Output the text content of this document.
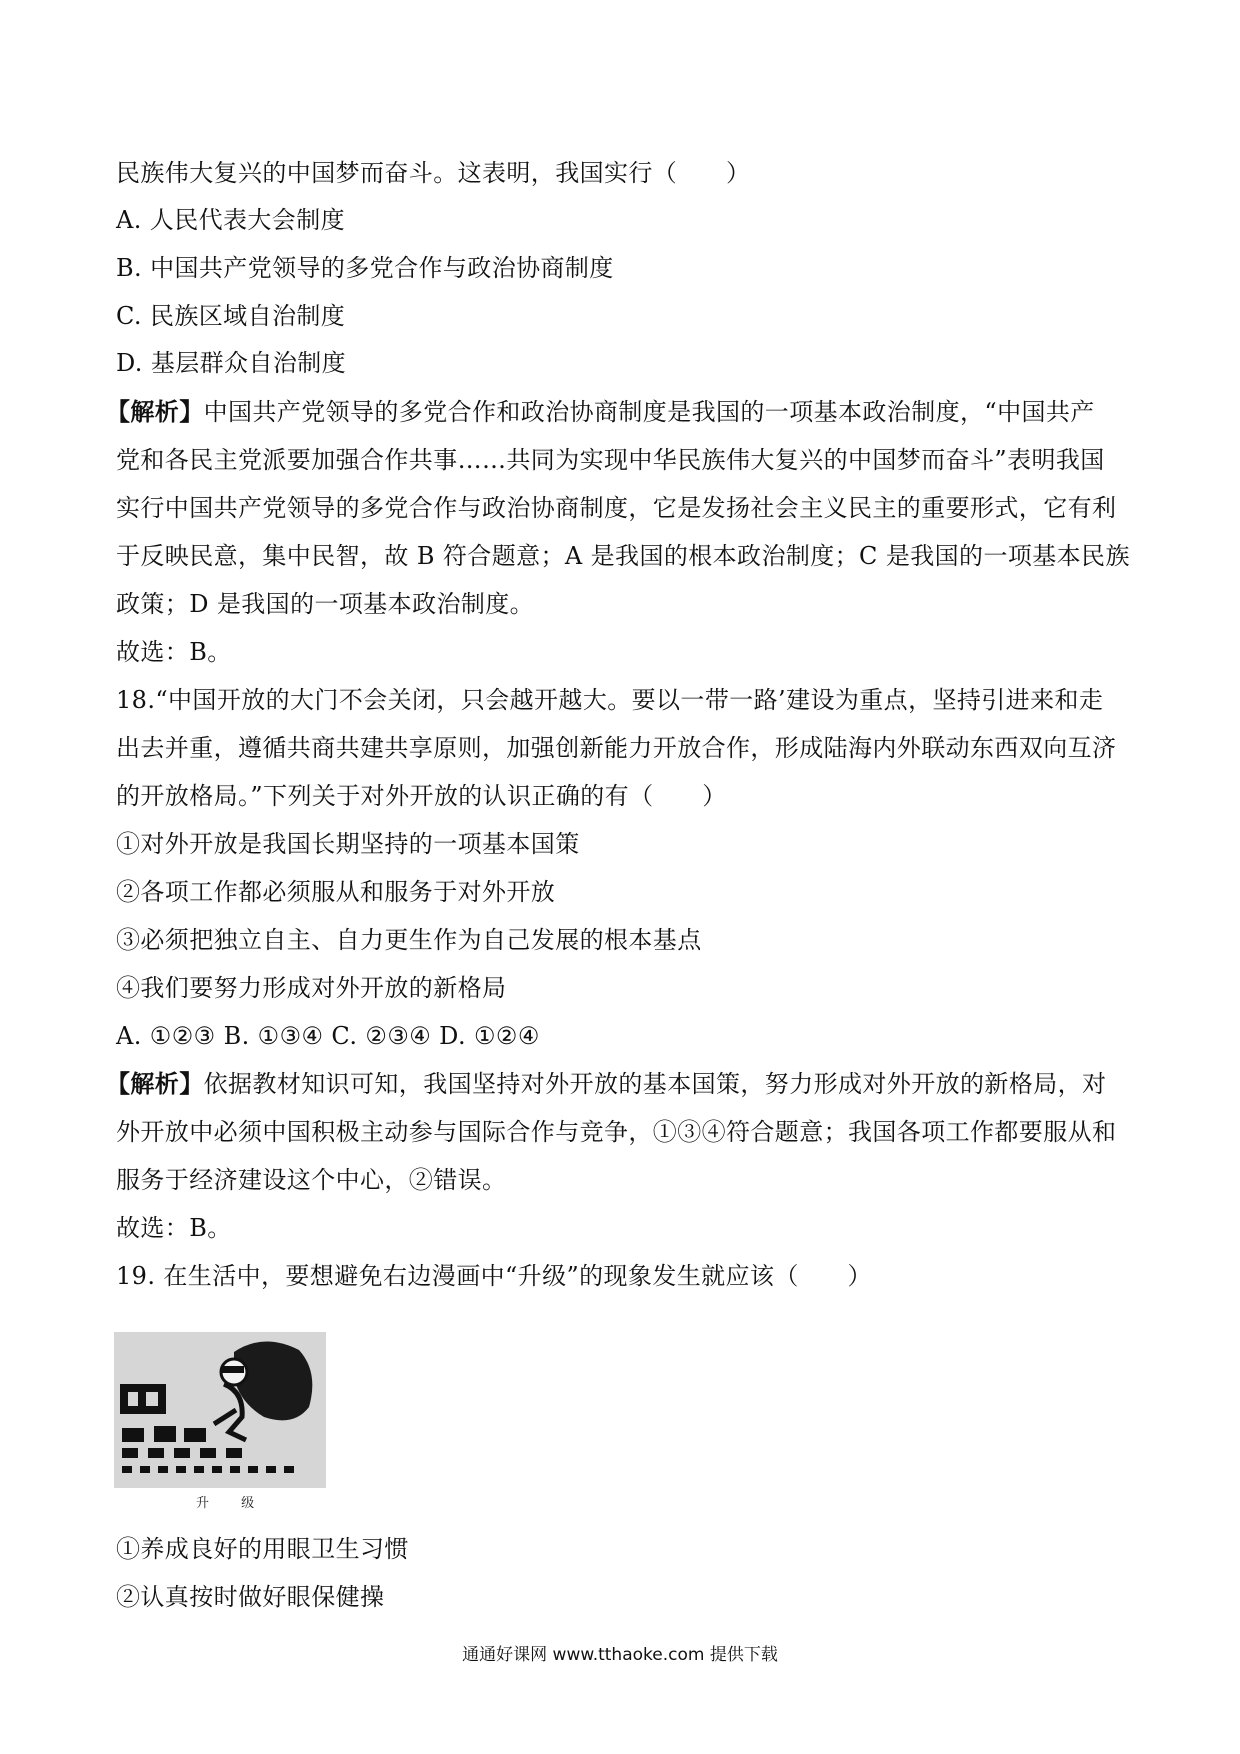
民族伟大复兴的中国梦而奋斗。这表明，我国实行（　　）
A. 人民代表大会制度
B. 中国共产党领导的多党合作与政治协商制度
C. 民族区域自治制度
D. 基层群众自治制度
【解析】中国共产党领导的多党合作和政治协商制度是我国的一项基本政治制度，“中国共产
党和各民主党派要加强合作共事……共同为实现中华民族伟大复兴的中国梦而奋斗”表明我国
实行中国共产党领导的多党合作与政治协商制度，它是发扬社会主义民主的重要形式，它有利
于反映民意，集中民智，故 B 符合题意；A 是我国的根本政治制度；C 是我国的一项基本民族
政策；D 是我国的一项基本政治制度。
故选：B。
18.“中国开放的大门不会关闭，只会越开越大。要以一带一路’建设为重点，坚持引进来和走
出去并重，遵循共商共建共享原则，加强创新能力开放合作，形成陆海内外联动东西双向互济
的开放格局。”下列关于对外开放的认识正确的有（　　）
①对外开放是我国长期坚持的一项基本国策
②各项工作都必须服从和服务于对外开放
③必须把独立自主、自力更生作为自己发展的根本基点
④我们要努力形成对外开放的新格局
A. ①②③ B. ①③④ C. ②③④ D. ①②④
【解析】依据教材知识可知，我国坚持对外开放的基本国策，努力形成对外开放的新格局，对
外开放中必须中国积极主动参与国际合作与竞争，①③④符合题意；我国各项工作都要服从和
服务于经济建设这个中心，②错误。
故选：B。
19. 在生活中，要想避免右边漫画中“升级”的现象发生就应该（　　）
升 级
①养成良好的用眼卫生习惯
②认真按时做好眼保健操
通通好课网 www.tthaoke.com 提供下载
